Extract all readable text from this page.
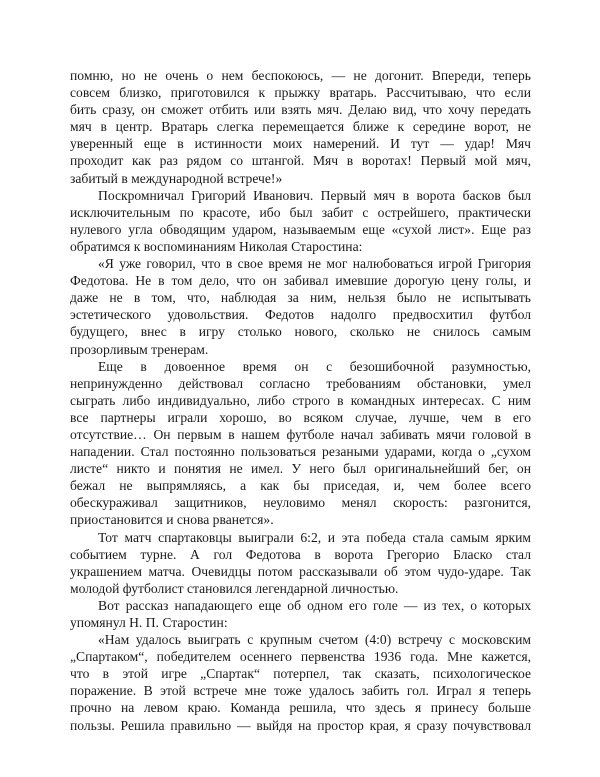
помню, но не очень о нем беспокоюсь, — не догонит. Впереди, теперь
совсем близко, приготовился к прыжку вратарь. Рассчитываю, что если
бить сразу, он сможет отбить или взять мяч. Делаю вид, что хочу передать
мяч в центр. Вратарь слегка перемещается ближе к середине ворот, не
уверенный еще в истинности моих намерений. И тут — удар! Мяч
проходит как раз рядом со штангой. Мяч в воротах! Первый мой мяч,
забитый в международной встрече!»
Поскромничал Григорий Иванович. Первый мяч в ворота басков был
исключительным по красоте, ибо был забит с острейшего, практически
нулевого угла обводящим ударом, называемым еще «сухой лист». Еще раз
обратимся к воспоминаниям Николая Старостина:
«Я уже говорил, что в свое время не мог налюбоваться игрой Григория
Федотова. Не в том дело, что он забивал имевшие дорогую цену голы, и
даже не в том, что, наблюдая за ним, нельзя было не испытывать
эстетического удовольствия. Федотов надолго предвосхитил футбол
будущего, внес в игру столько нового, сколько не снилось самым
прозорливым тренерам.
Еще в довоенное время он с безошибочной разумностью,
непринужденно действовал согласно требованиям обстановки, умел
сыграть либо индивидуально, либо строго в командных интересах. С ним
все партнеры играли хорошо, во всяком случае, лучше, чем в его
отсутствие… Он первым в нашем футболе начал забивать мячи головой в
нападении. Стал постоянно пользоваться резаными ударами, когда о „сухом
листе“ никто и понятия не имел. У него был оригинальнейший бег, он
бежал не выпрямляясь, а как бы приседая, и, чем более всего
обескураживал защитников, неуловимо менял скорость: разгонится,
приостановится и снова рванется».
Тот матч спартаковцы выиграли 6:2, и эта победа стала самым ярким
событием турне. А гол Федотова в ворота Грегорио Бласко стал
украшением матча. Очевидцы потом рассказывали об этом чудо-ударе. Так
молодой футболист становился легендарной личностью.
Вот рассказ нападающего еще об одном его голе — из тех, о которых
упомянул Н. П. Старостин:
«Нам удалось выиграть с крупным счетом (4:0) встречу с московским
„Спартаком“, победителем осеннего первенства 1936 года. Мне кажется,
что в этой игре „Спартак“ потерпел, так сказать, психологическое
поражение. В этой встрече мне тоже удалось забить гол. Играл я теперь
прочно на левом краю. Команда решила, что здесь я принесу больше
пользы. Решила правильно — выйдя на простор края, я сразу почувствовал
